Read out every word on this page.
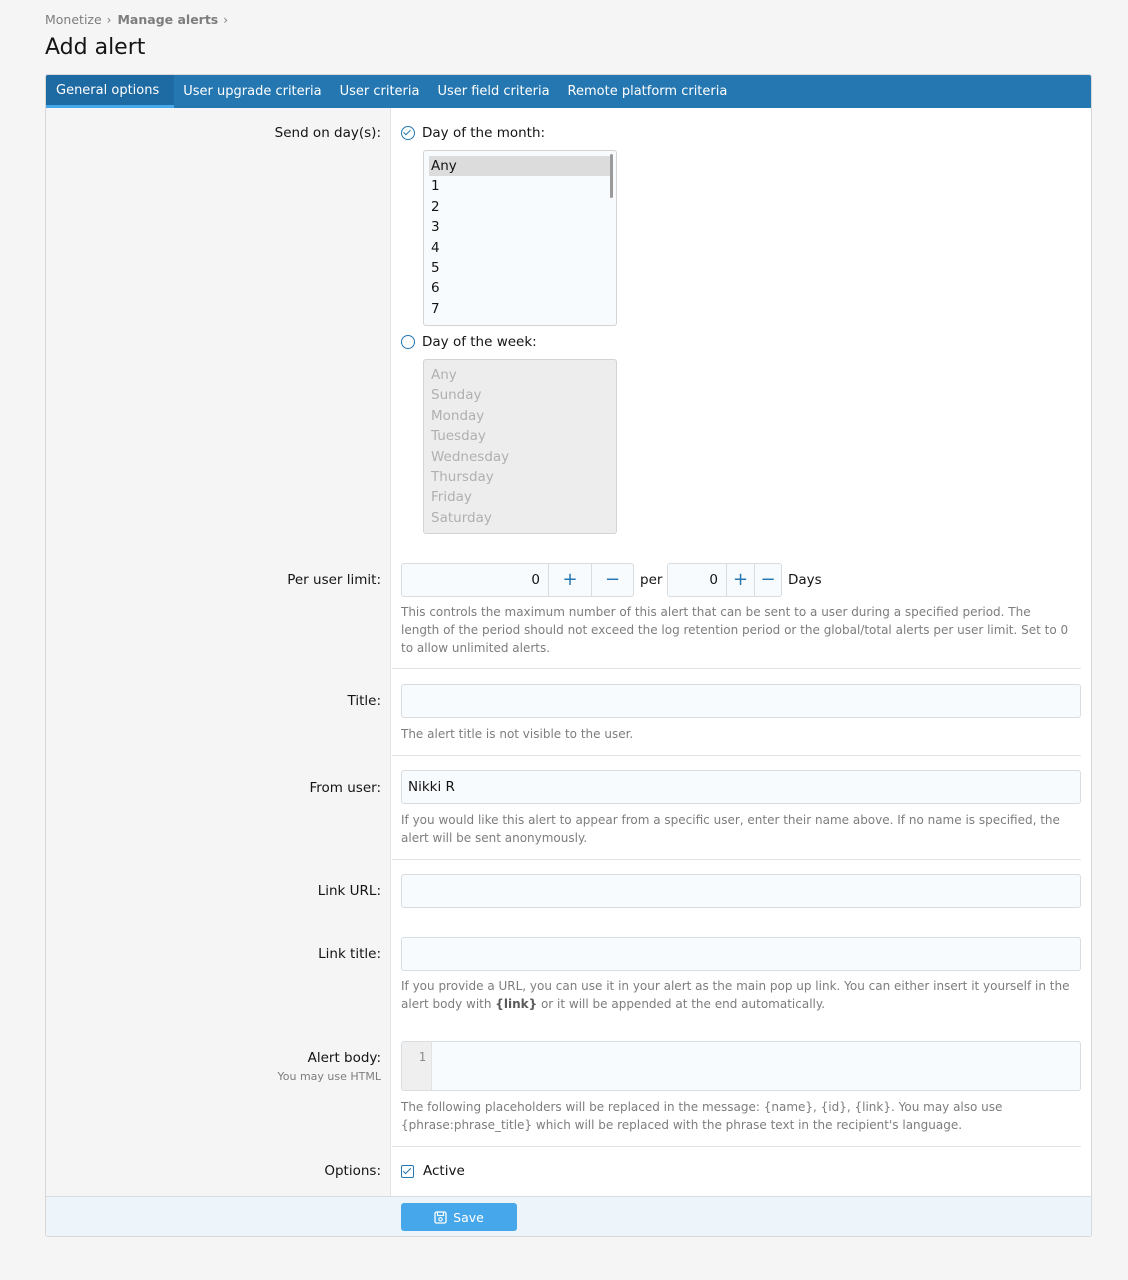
Monetize › Manage alerts ›
Add alert
General options	User upgrade criteria	User criteria	User field criteria	Remote platform criteria
Send on day(s):	Day of the month:
Any
1
2
3
4
5
6
7
Day of the week:
Any
Sunday
Monday
Tuesday
Wednesday
Thursday
Friday
Saturday
Per user limit:	0	+	−	per	0 + − Days
This controls the maximum number of this alert that can be sent to a user during a specified period. The length of the period should not exceed the log retention period or the global/total alerts per user limit. Set to 0 to allow unlimited alerts.
Title:
The alert title is not visible to the user.
From user:	Nikki R
If you would like this alert to appear from a specific user, enter their name above. If no name is specified, the alert will be sent anonymously.
Link URL:
Link title:
If you provide a URL, you can use it in your alert as the main pop up link. You can either insert it yourself in the alert body with {link} or it will be appended at the end automatically.
Alert body:
You may use HTML
1
The following placeholders will be replaced in the message: {name}, {id}, {link}. You may also use {phrase:phrase_title} which will be replaced with the phrase text in the recipient's language.
Options:	Active
Save
